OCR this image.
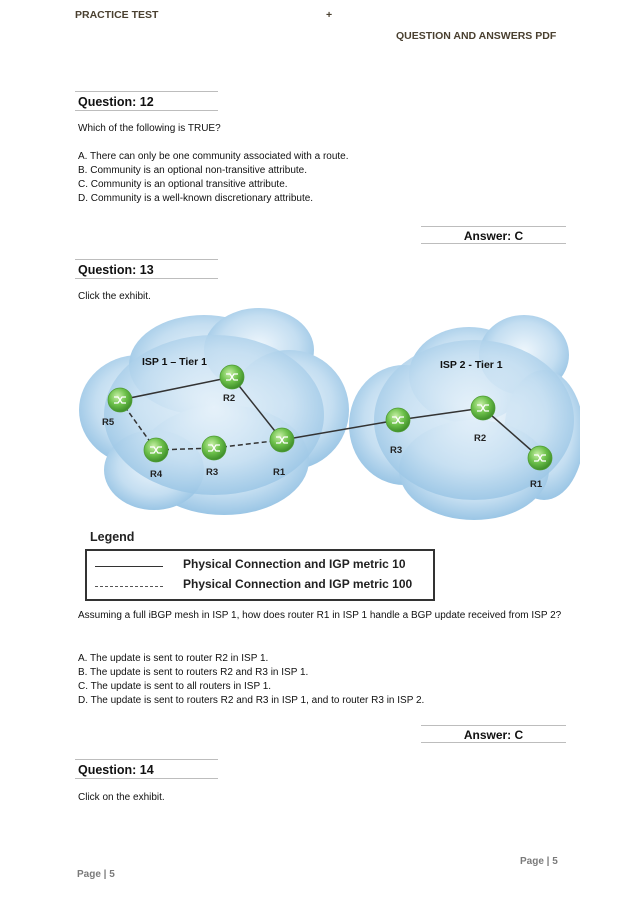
PRACTICE TEST	+
QUESTION AND ANSWERS PDF
Question: 12
Which of the following is TRUE?
A. There can only be one community associated with a route.
B. Community is an optional non-transitive attribute.
C. Community is an optional transitive attribute.
D. Community is a well-known discretionary attribute.
Answer: C
Question: 13
Click the exhibit.
ISP 1 – Tier 1	ISP 2 - Tier 1
R5
R2
R4	R3	R1
R3
R2
R1
Legend
Physical Connection and IGP metric 10
Physical Connection and IGP metric 100
Assuming a full iBGP mesh in ISP 1, how does router R1 in ISP 1 handle a BGP update received from ISP 2?
A. The update is sent to router R2 in ISP 1.
B. The update is sent to routers R2 and R3 in ISP 1.
C. The update is sent to all routers in ISP 1.
D. The update is sent to routers R2 and R3 in ISP 1, and to router R3 in ISP 2.
Answer: C
Question: 14
Click on the exhibit.
Page | 5
Page | 5
